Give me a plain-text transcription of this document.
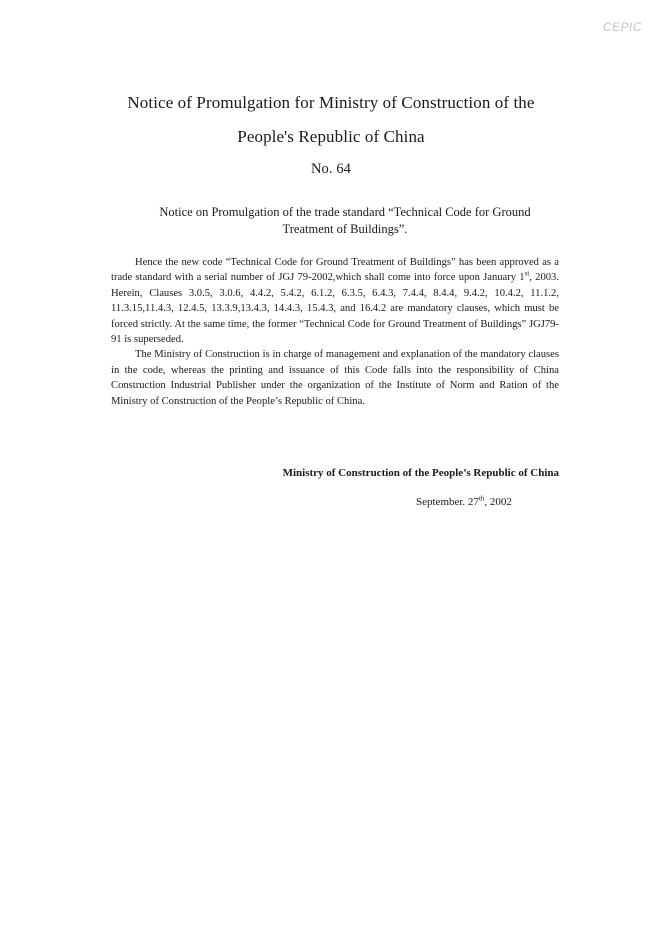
CEPIC
Notice of Promulgation for Ministry of Construction of the
People's Republic of China
No. 64
Notice on Promulgation of the trade standard “Technical Code for Ground Treatment of Buildings”.

Hence the new code “Technical Code for Ground Treatment of Buildings” has been approved as a trade standard with a serial number of JGJ 79-2002,which shall come into force upon January 1st, 2003. Herein, Clauses 3.0.5, 3.0.6, 4.4.2, 5.4.2, 6.1.2, 6.3.5, 6.4.3, 7.4.4, 8.4.4, 9.4.2, 10.4.2, 11.1.2, 11.3.15,11.4.3, 12.4.5, 13.3.9,13.4.3, 14.4.3, 15.4.3, and 16.4.2 are mandatory clauses, which must be forced strictly. At the same time, the former “Technical Code for Ground Treatment of Buildings” JGJ79-91 is superseded.

The Ministry of Construction is in charge of management and explanation of the mandatory clauses in the code, whereas the printing and issuance of this Code falls into the responsibility of China Construction Industrial Publisher under the organization of the Institute of Norm and Ration of the Ministry of Construction of the People’s Republic of China.

Ministry of Construction of the People’s Republic of China
September. 27th, 2002
